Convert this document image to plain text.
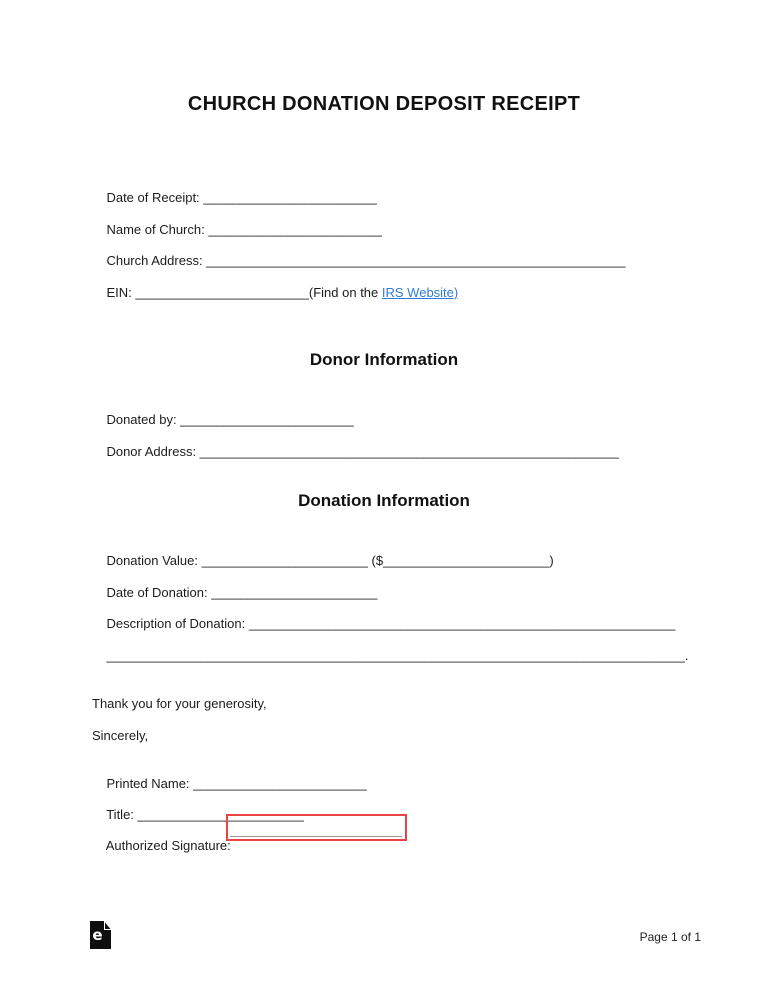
CHURCH DONATION DEPOSIT RECEIPT

Date of Receipt: ________________________

Name of Church: ________________________

Church Address: __________________________________________________________

EIN: ________________________(Find on the IRS Website)

Donor Information

Donated by: ________________________

Donor Address: __________________________________________________________

Donation Information

Donation Value: _______________________ ($_______________________)

Date of Donation: _______________________

Description of Donation: ___________________________________________________________

________________________________________________________________________________.

Thank you for your generosity,
Sincerely,

Printed Name: ________________________

Title: _______________________

Authorized Signature:

e	Page 1 of 1
